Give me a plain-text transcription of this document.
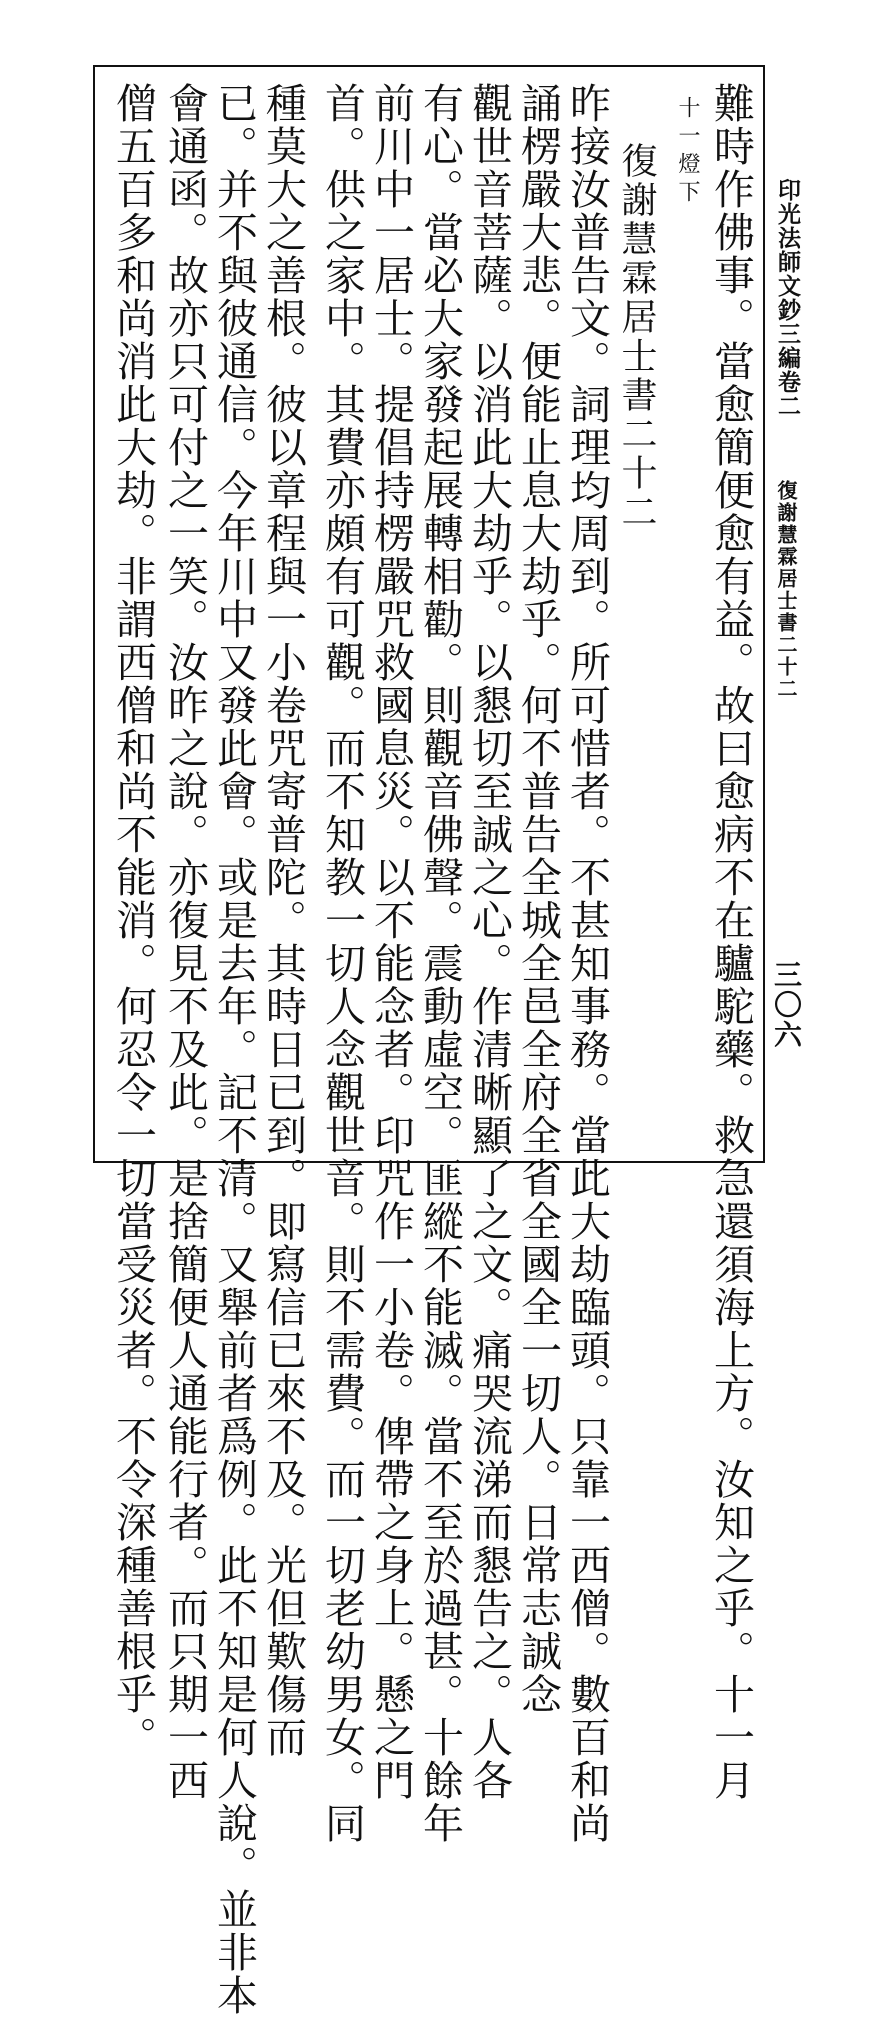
印光法師文鈔三編卷二
復謝慧霖居士書二十二
三〇六
難時作佛事。當愈簡便愈有益。故曰愈病不在驢駝藥。救急還須海上方。汝知之乎。十一月
十一燈下
復謝慧霖居士書二十二
昨接汝普告文。詞理均周到。所可惜者。不甚知事務。當此大劫臨頭。只靠一西僧。數百和尚
誦楞嚴大悲。便能止息大劫乎。何不普告全城全邑全府全省全國全一切人。日常志誠念
觀世音菩薩。以消此大劫乎。以懇切至誠之心。作清晰顯了之文。痛哭流涕而懇告之。人各
有心。當必大家發起展轉相勸。則觀音佛聲。震動虛空。匪縱不能滅。當不至於過甚。十餘年
前川中一居士。提倡持楞嚴咒救國息災。以不能念者。印咒作一小卷。俾帶之身上。懸之門
首。供之家中。其費亦頗有可觀。而不知教一切人念觀世音。則不需費。而一切老幼男女。同
種莫大之善根。彼以章程與一小卷咒寄普陀。其時日已到。即寫信已來不及。光但歎傷而
已。并不與彼通信。今年川中又發此會。或是去年。記不清。又舉前者爲例。此不知是何人說。並非本
會通函。故亦只可付之一笑。汝昨之說。亦復見不及此。是捨簡便人通能行者。而只期一西
僧五百多和尚消此大劫。非謂西僧和尚不能消。何忍令一切當受災者。不令深種善根乎。
